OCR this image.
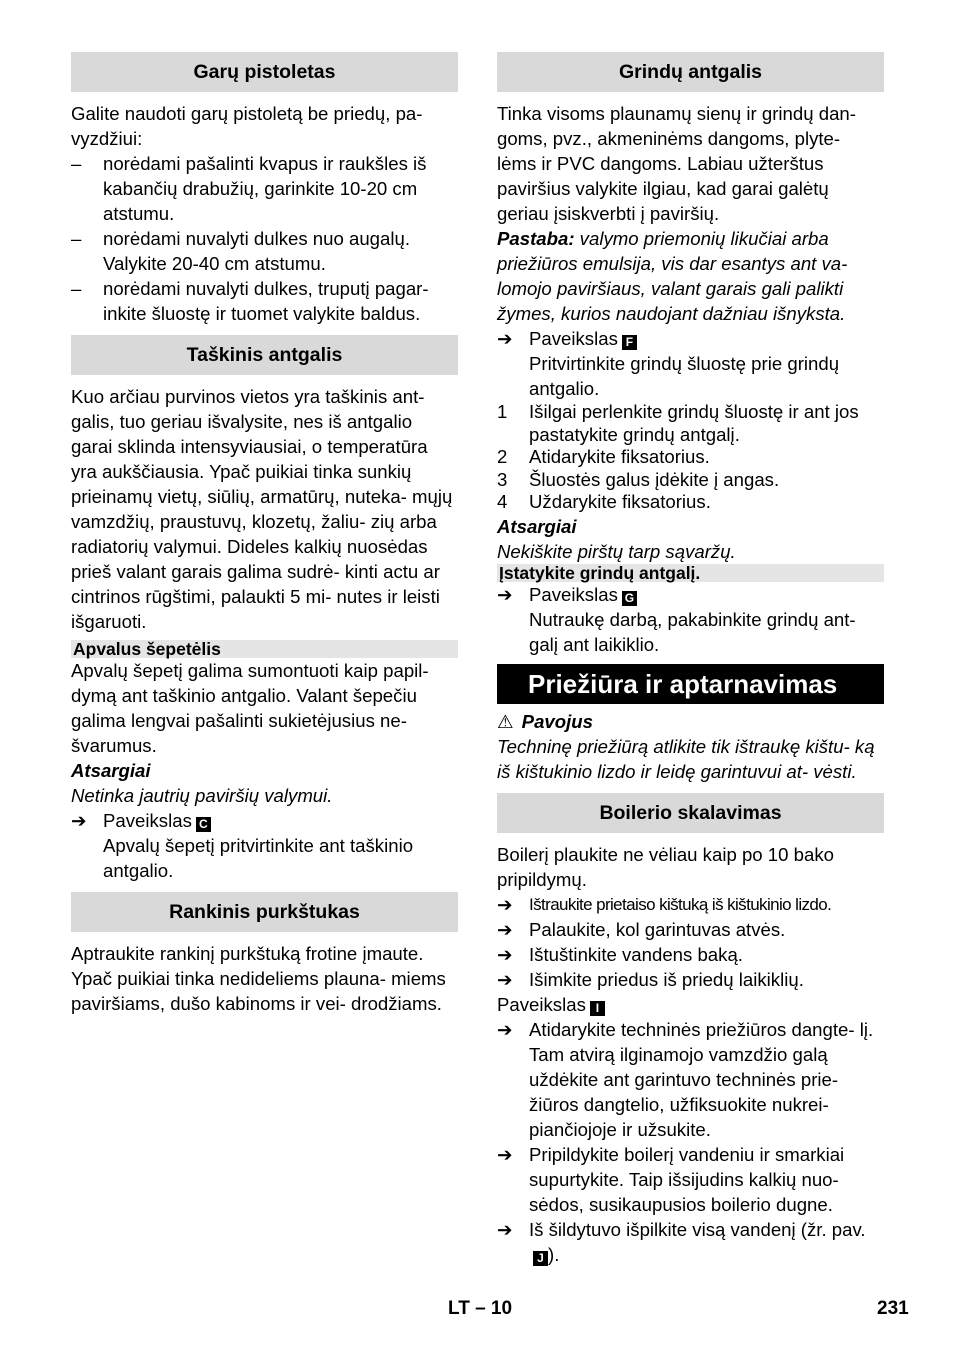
Garų pistoletas

Galite naudoti garų pistoletą be priedų, pa- vyzdžiui:

–	norėdami pašalinti kvapus ir raukšles iš kabančių drabužių, garinkite 10-20 cm atstumu.
–	norėdami nuvalyti dulkes nuo augalų. Valykite 20-40 cm atstumu.
–	norėdami nuvalyti dulkes, truputį pagar- inkite šluostę ir tuomet valykite baldus.
Taškinis antgalis

Kuo arčiau purvinos vietos yra taškinis ant- galis, tuo geriau išvalysite, nes iš antgalio garai sklinda intensyviausiai, o temperatūra yra aukščiausia. Ypač puikiai tinka sunkių prieinamų vietų, siūlių, armatūrų, nuteka- mųjų vamzdžių, praustuvų, klozetų, žaliu- zių arba radiatorių valymui. Dideles kalkių nuosėdas prieš valant garais galima sudrė- kinti actu ar cintrinos rūgštimi, palaukti 5 mi- nutes ir leisti išgaruoti.

Apvalus šepetėlis

Apvalų šepetį galima sumontuoti kaip papil- dymą ant taškinio antgalio. Valant šepečiu galima lengvai pašalinti sukietėjusius ne- švarumus.

Atsargiai

Netinka jautrių paviršių valymui.

➔ Paveikslas C
Apvalų šepetį pritvirtinkite ant taškinio antgalio.
Rankinis purkštukas

Aptraukite rankinį purkštuką frotine įmaute. Ypač puikiai tinka nedideliems plauna- miems paviršiams, dušo kabinoms ir vei- drodžiams.

Grindų antgalis

Tinka visoms plaunamų sienų ir grindų dan- goms, pvz., akmeninėms dangoms, plyte- lėms ir PVC dangoms. Labiau užterštus paviršius valykite ilgiau, kad garai galėtų geriau įsiskverbti į paviršių.

Pastaba: valymo priemonių likučiai arba priežiūros emulsija, vis dar esantys ant va- lomojo paviršiaus, valant garais gali palikti žymes, kurios naudojant dažniau išnyksta.

➔ Paveikslas F
Pritvirtinkite grindų šluostę prie grindų antgalio.
1	Išilgai perlenkite grindų šluostę ir ant jos pastatykite grindų antgalį.
2	Atidarykite fiksatorius.
3	Šluostės galus įdėkite į angas.
4	Uždarykite fiksatorius.

Atsargiai

Nekiškite pirštų tarp sąvaržų.

Įstatykite grindų antgalį.
➔ Paveikslas G
Nutraukę darbą, pakabinkite grindų ant- galį ant laikiklio.
Priežiūra ir aptarnavimas

⚠ Pavojus

Techninę priežiūrą atlikite tik ištraukę kištu- ką iš kištukinio lizdo ir leidę garintuvui at- vėsti.

Boilerio skalavimas

Boilerį plaukite ne vėliau kaip po 10 bako pripildymų.

➔ Ištraukite prietaiso kištuką iš kištukinio lizdo.
➔ Palaukite, kol garintuvas atvės.
➔ Ištuštinkite vandens baką.
➔ Išimkite priedus iš priedų laikiklių.

Paveikslas I

➔ Atidarykite techninės priežiūros dangte- lį. Tam atvirą ilginamojo vamzdžio galą uždėkite ant garintuvo techninės prie- žiūros dangtelio, užfiksuokite nukrei- piančiojoje ir užsukite.
➔ Pripildykite boilerį vandeniu ir smarkiai supurtykite. Taip išsijudins kalkių nuo- sėdos, susikaupusios boilerio dugne.
➔ Iš šildytuvo išpilkite visą vandenį (žr. pav.J ).
LT – 10	231
